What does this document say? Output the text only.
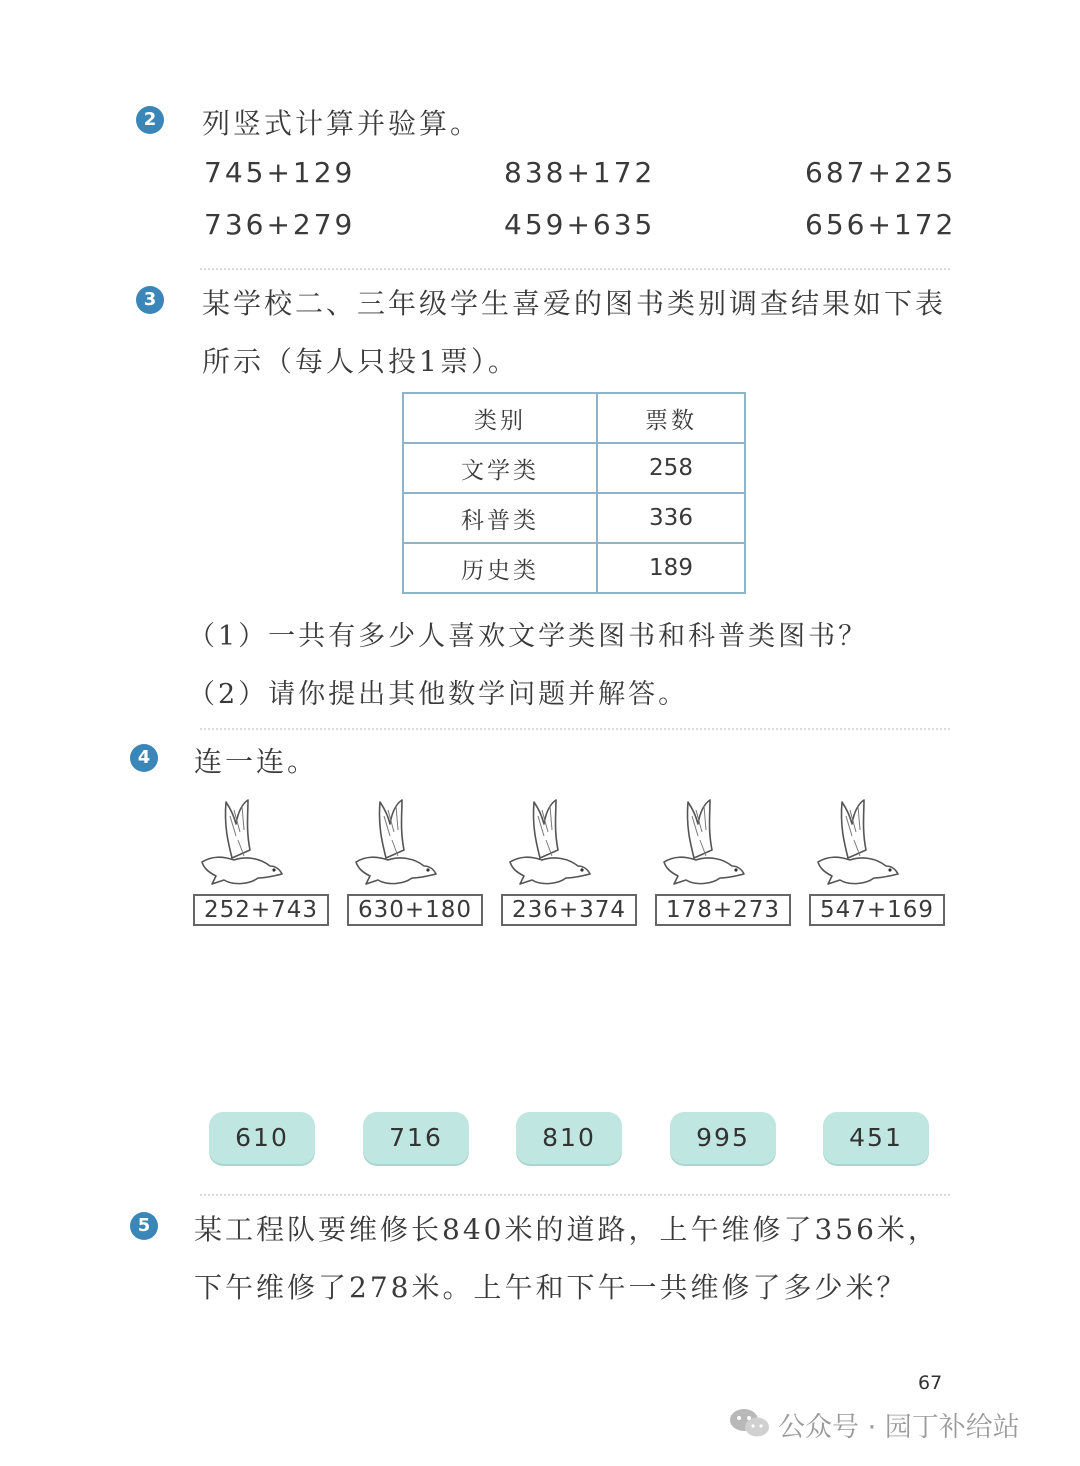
2 列竖式计算并验算。
745+129	838+172	687+225
736+279	459+635	656+172
3 某学校二、三年级学生喜爱的图书类别调查结果如下表
所示（每人只投1票）。
类别	票数
文学类	258
科普类	336
历史类	189
（1）一共有多少人喜欢文学类图书和科普类图书？
（2）请你提出其他数学问题并解答。
4 连一连。
252+743	630+180	236+374	178+273	547+169
610	716	810	995	451
5 某工程队要维修长840米的道路，上午维修了356米，
下午维修了278米。上午和下午一共维修了多少米？
67
公众号 · 园丁补给站
